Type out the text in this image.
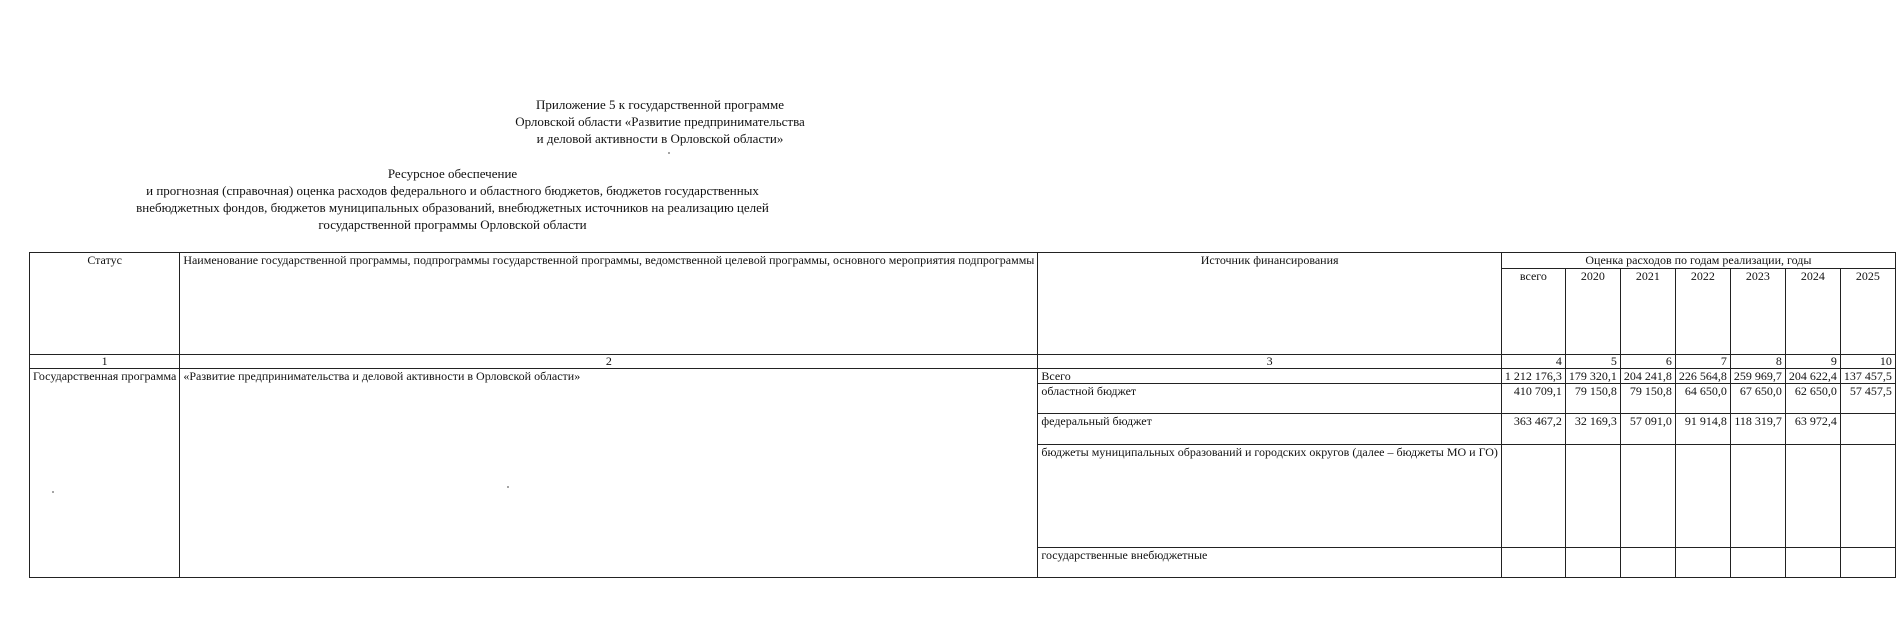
Приложение 5 к государственной программе
Орловской области «Развитие предпринимательства
и деловой активности в Орловской области»
Ресурсное обеспечение
и прогнозная (справочная) оценка расходов федерального и областного бюджетов, бюджетов государственных
внебюджетных фондов, бюджетов муниципальных образований, внебюджетных источников на реализацию целей
государственной программы Орловской области
Статус	Наименование государственной программы, подпрограммы государственной программы, ведомственной целевой программы, основного мероприятия подпрограммы	Источник финансирования	Оценка расходов по годам реализации, годы						
			всего	2020	2021	2022	2023	2024	2025
1	2	3	4	5	6	7	8	9	10
Государственная программа	«Развитие предпринимательства и деловой активности в Орловской области»	Всего	1 212 176,3	179 320,1	204 241,8	226 564,8	259 969,7	204 622,4	137 457,5
		областной бюджет	410 709,1	79 150,8	79 150,8	64 650,0	67 650,0	62 650,0	57 457,5
		федеральный бюджет	363 467,2	32 169,3	57 091,0	91 914,8	118 319,7	63 972,4	
		бюджеты муниципальных образований и городских округов (далее – бюджеты МО и ГО)							
		государственные внебюджетные							
